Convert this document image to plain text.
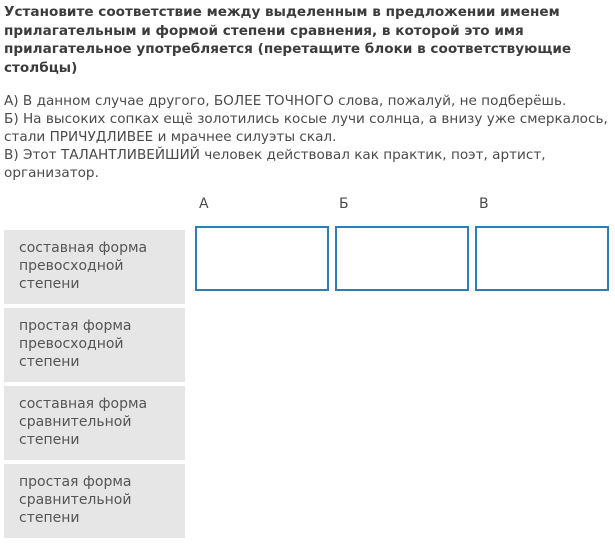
Установите соответствие между выделенным в предложении именем прилагательным и формой степени сравнения, в которой это имя прилагательное употребляется (перетащите блоки в соответствующие столбцы)

А) В данном случае другого, БОЛЕЕ ТОЧНОГО слова, пожалуй, не подберёшь.
Б) На высоких сопках ещё золотились косые лучи солнца, а внизу уже смеркалось, стали ПРИЧУДЛИВЕЕ и мрачнее силуэты скал.
В) Этот ТАЛАНТЛИВЕЙШИЙ человек действовал как практик, поэт, артист, организатор.
А	Б	В
составная форма превосходной степени
простая форма превосходной степени
составная форма сравнительной степени
простая форма сравнительной степени
